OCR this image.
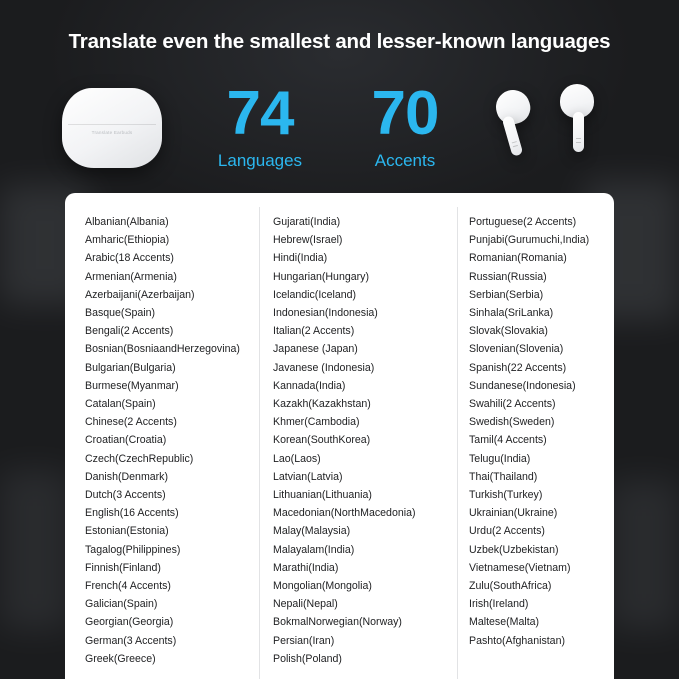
Translate even the smallest and lesser-known languages
Translate Earbuds	74
Languages
70
Accents
Albanian(Albania)
Amharic(Ethiopia)
Arabic(18 Accents)
Armenian(Armenia)
Azerbaijani(Azerbaijan)
Basque(Spain)
Bengali(2 Accents)
Bosnian(BosniaandHerzegovina)
Bulgarian(Bulgaria)
Burmese(Myanmar)
Catalan(Spain)
Chinese(2 Accents)
Croatian(Croatia)
Czech(CzechRepublic)
Danish(Denmark)
Dutch(3 Accents)
English(16 Accents)
Estonian(Estonia)
Tagalog(Philippines)
Finnish(Finland)
French(4 Accents)
Galician(Spain)
Georgian(Georgia)
German(3 Accents)
Greek(Greece)
Gujarati(India)
Hebrew(Israel)
Hindi(India)
Hungarian(Hungary)
Icelandic(Iceland)
Indonesian(Indonesia)
Italian(2 Accents)
Japanese (Japan)
Javanese (Indonesia)
Kannada(India)
Kazakh(Kazakhstan)
Khmer(Cambodia)
Korean(SouthKorea)
Lao(Laos)
Latvian(Latvia)
Lithuanian(Lithuania)
Macedonian(NorthMacedonia)
Malay(Malaysia)
Malayalam(India)
Marathi(India)
Mongolian(Mongolia)
Nepali(Nepal)
BokmalNorwegian(Norway)
Persian(Iran)
Polish(Poland)
Portuguese(2 Accents)
Punjabi(Gurumuchi,India)
Romanian(Romania)
Russian(Russia)
Serbian(Serbia)
Sinhala(SriLanka)
Slovak(Slovakia)
Slovenian(Slovenia)
Spanish(22 Accents)
Sundanese(Indonesia)
Swahili(2 Accents)
Swedish(Sweden)
Tamil(4 Accents)
Telugu(India)
Thai(Thailand)
Turkish(Turkey)
Ukrainian(Ukraine)
Urdu(2 Accents)
Uzbek(Uzbekistan)
Vietnamese(Vietnam)
Zulu(SouthAfrica)
Irish(Ireland)
Maltese(Malta)
Pashto(Afghanistan)
